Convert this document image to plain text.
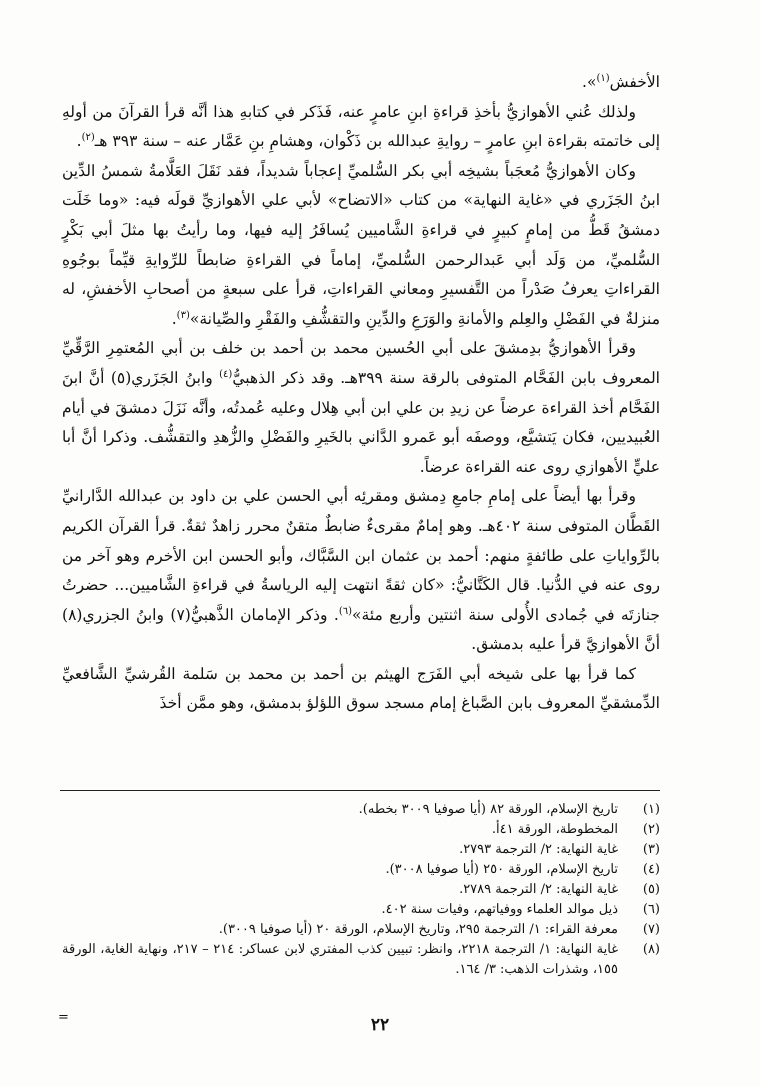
الأخفش$^{(١)}$».

ولذلك عُني الأهوازيُّ بأخذِ قراءةِ ابنِ عامرٍ عنه، فَذَكر في كتابهِ هذا أنَّه قرأ القرآنَ من أولهِ إلى خاتمته بقراءة ابنِ عامرٍ – روايةِ عبدالله بن ذَكْوان، وهشامِ بنِ عَمَّار عنه – سنة ٣٩٣ هـ$^{(٢)}$.

وكان الأهوازيُّ مُعجَباً بشيخِه أبي بكر السُّلميِّ إعجاباً شديداً، فقد نَقَلَ العَلَّامةُ شمسُ الدِّين ابنُ الجَزَري في «غاية النهاية» من كتاب «الاتضاح» لأبي علي الأهوازيِّ قولَه فيه: «وما خَلَت دمشقُ قَطُّ من إمامٍ كبيرٍ في قراءةِ الشَّاميين يُسافَرُ إليه فيها، وما رأيتُ بها مثلَ أبي بَكْرٍ السُّلميِّ، من وَلَد أبي عَبدالرحمن السُّلميِّ، إماماً في القراءةِ ضابطاً للرِّوايةِ قيِّماً بوجُوهِ القراءاتِ يعرفُ صَدْراً من التَّفسيرِ ومعاني القراءاتِ، قرأ على سبعةٍ من أصحابِ الأخفشِ، له منزلةٌ في الفَضْلِ والعِلم والأمانةِ والوَرَعِ والدِّينِ والتقشُّفِ والفَقْرِ والصِّيانة»$^{(٣)}$.

وقرأ الأهوازيُّ بدِمشقَ على أبي الحُسين محمد بن أحمد بن خلف بن أبي المُعتمِرِ الرَّقِّيِّ المعروف بابن الفَحَّام المتوفى بالرقة سنة ٣٩٩هـ. وقد ذكر الذهبيُّ$^{(٤)}$ وابنُ الجَزَري(٥) أنَّ ابنَ الفَحَّام أخذ القراءة عرضاً عن زيدِ بن علي ابن أبي هِلال وعليه عُمدتُه، وأنَّه نَزَلَ دمشقَ في أيام العُبيديين، فكان يَتشيَّع، ووصفَه أبو عَمرو الدَّاني بالخَيرِ والفَضْلِ والزُّهدِ والتقشُّف. وذكرا أنَّ أبا عليٍّ الأهوازي روى عنه القراءة عرضاً.

وقرأ بها أيضاً على إمامِ جامعِ دِمشق ومقرئِه أبي الحسن علي بن داود بن عبدالله الدَّارانيِّ القَطَّان المتوفى سنة ٤٠٢هـ. وهو إمامٌ مقرىءٌ ضابطٌ متقنٌ محرر زاهدٌ ثقةٌ. قرأ القرآن الكريم بالرِّواياتِ على طائفةٍ منهم: أحمد بن عثمان ابن السَّبَّاك، وأبو الحسن ابن الأخرم وهو آخر من روى عنه في الدُّنيا. قال الكَتَّانيُّ: «كان ثقةً انتهت إليه الرياسةُ في قراءةِ الشَّاميين... حضرتُ جنازتَه في جُمادى الأُولى سنة اثنتين وأربع مئة»$^{(٦)}$. وذكر الإمامان الذَّهبيُّ(٧) وابنُ الجزري(٨) أنَّ الأهوازيَّ قرأ عليه بدمشق.

كما قرأ بها على شيخه أبي الفَرَج الهيثم بن أحمد بن محمد بن سَلمة القُرشيِّ الشَّافعيِّ الدِّمشقيِّ المعروف بابن الصَّباغ إمام مسجد سوق اللؤلؤ بدمشق، وهو ممَّن أخذَ

(١)
تاريخ الإسلام، الورقة ٨٢ (أيا صوفيا ٣٠٠٩ بخطه).
(٢)
المخطوطة، الورقة ٤١أ.
(٣)
غاية النهاية: ٢/ الترجمة ٢٧٩٣.
(٤)
تاريخ الإسلام، الورقة ٢٥٠ (أيا صوفيا ٣٠٠٨).
(٥)
غاية النهاية: ٢/ الترجمة ٢٧٨٩.
(٦)
ذيل موالد العلماء ووفياتهم، وفيات سنة ٤٠٢.
(٧)
معرفة القراء: ١/ الترجمة ٢٩٥، وتاريخ الإسلام، الورقة ٢٠ (أيا صوفيا ٣٠٠٩).
(٨)
غاية النهاية: ١/ الترجمة ٢٢١٨، وانظر: تبيين كذب المفتري لابن عساكر: ٢١٤ – ٢١٧، ونهاية الغاية، الورقة ١٥٥، وشذرات الذهب: ٣/ ١٦٤.
=	٢٢
